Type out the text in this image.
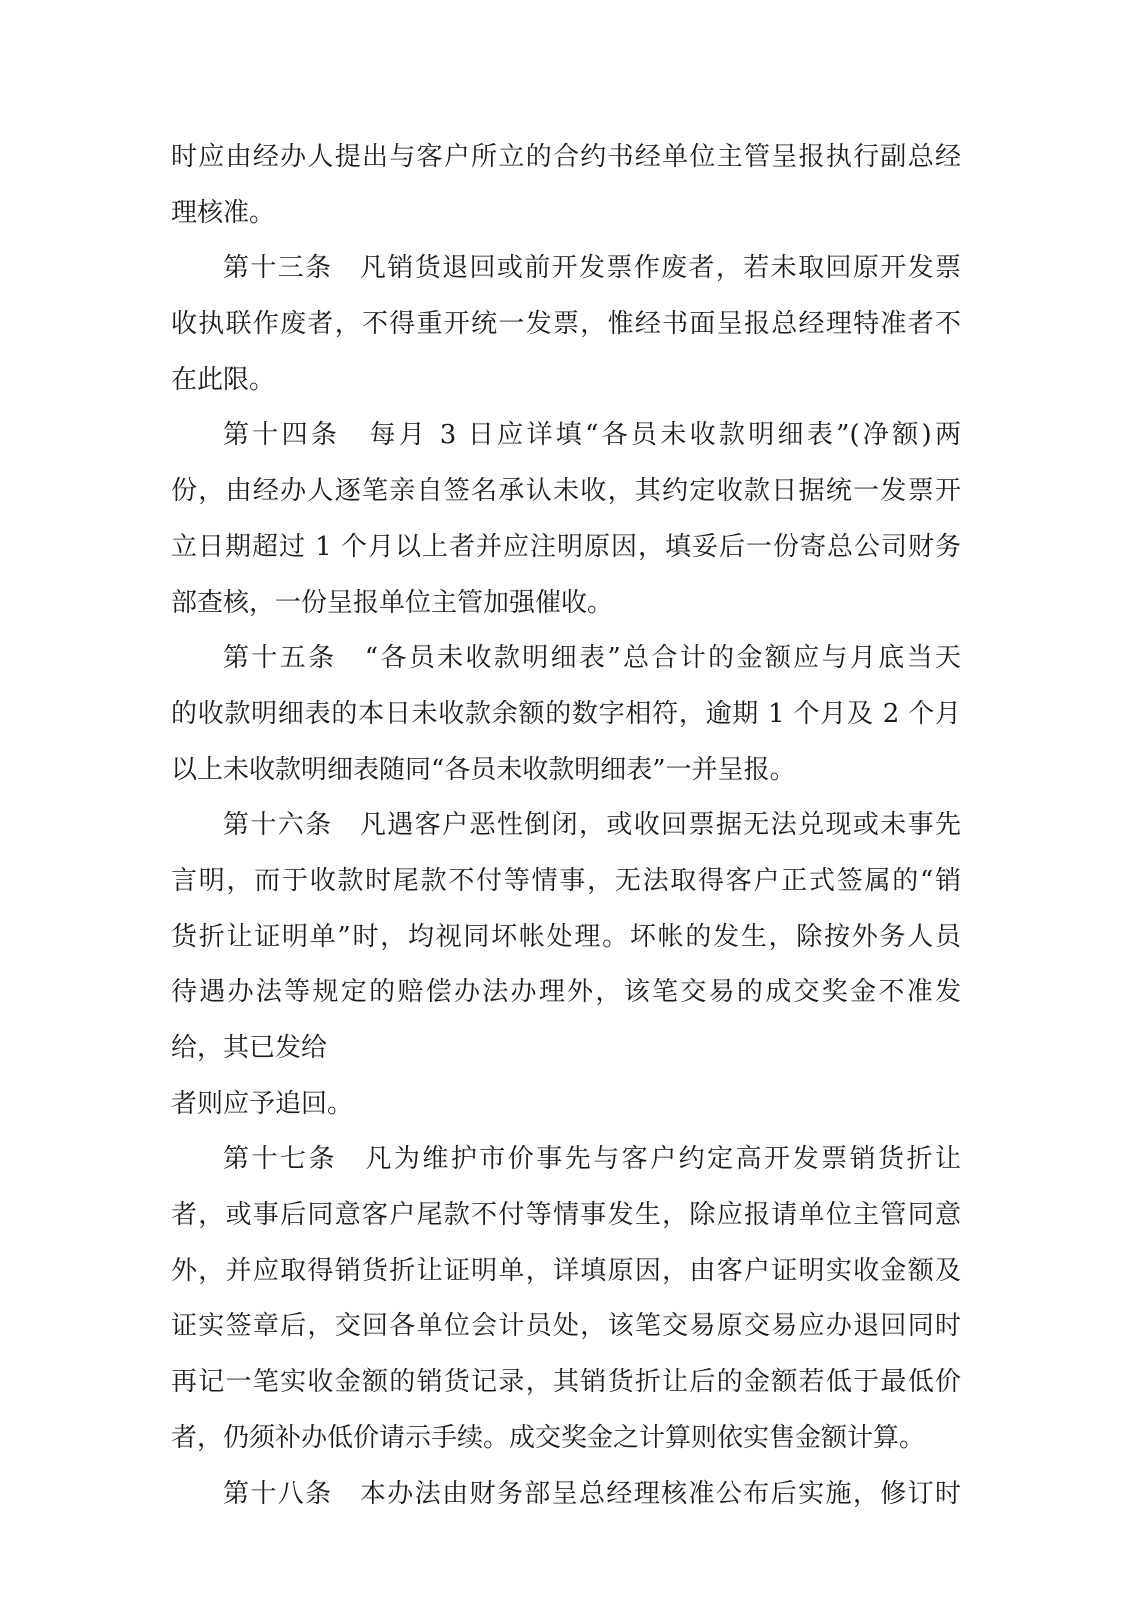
时应由经办人提出与客户所立的合约书经单位主管呈报执行副总经
理核准。
第十三条　凡销货退回或前开发票作废者，若未取回原开发票
收执联作废者，不得重开统一发票，惟经书面呈报总经理特准者不
在此限。
第十四条　每月 3 日应详填“各员未收款明细表”(净额)两
份，由经办人逐笔亲自签名承认未收，其约定收款日据统一发票开
立日期超过 1 个月以上者并应注明原因，填妥后一份寄总公司财务
部查核，一份呈报单位主管加强催收。
第十五条　“各员未收款明细表”总合计的金额应与月底当天
的收款明细表的本日未收款余额的数字相符，逾期 1 个月及 2 个月
以上未收款明细表随同“各员未收款明细表”一并呈报。
第十六条　凡遇客户恶性倒闭，或收回票据无法兑现或未事先
言明，而于收款时尾款不付等情事，无法取得客户正式签属的“销
货折让证明单”时，均视同坏帐处理。坏帐的发生，除按外务人员
待遇办法等规定的赔偿办法办理外，该笔交易的成交奖金不准发
给，其已发给
者则应予追回。
第十七条　凡为维护市价事先与客户约定高开发票销货折让
者，或事后同意客户尾款不付等情事发生，除应报请单位主管同意
外，并应取得销货折让证明单，详填原因，由客户证明实收金额及
证实签章后，交回各单位会计员处，该笔交易原交易应办退回同时
再记一笔实收金额的销货记录，其销货折让后的金额若低于最低价
者，仍须补办低价请示手续。成交奖金之计算则依实售金额计算。
第十八条　本办法由财务部呈总经理核准公布后实施，修订时
